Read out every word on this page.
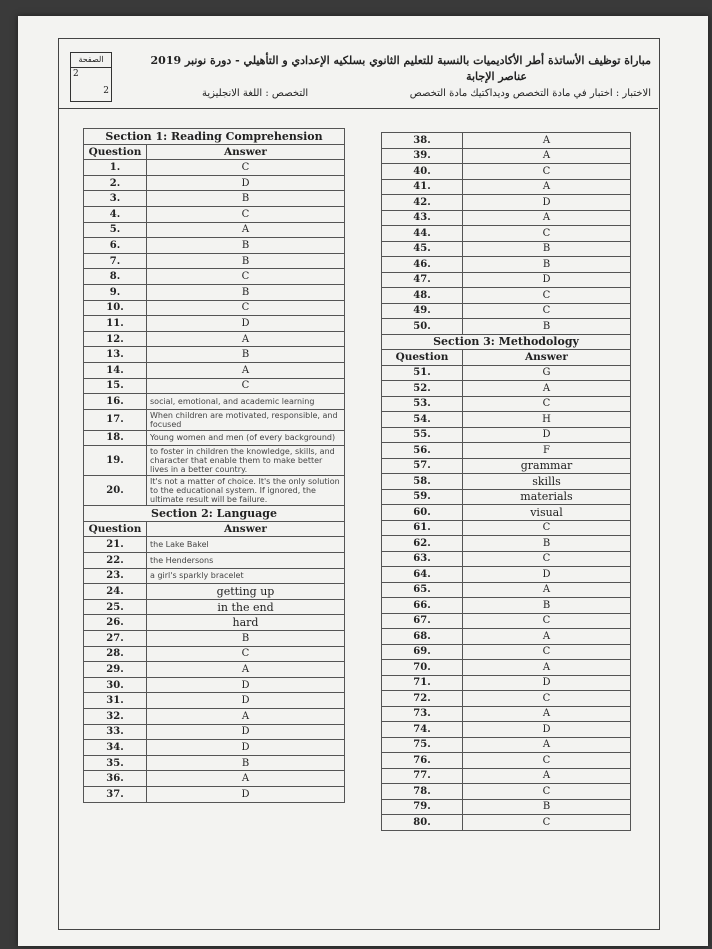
الصفحة
2
2
مباراة توظيف الأساتذة أطر الأكاديميات بالنسبة للتعليم الثانوي بسلكيه الإعدادي و التأهيلي - دورة نونبر 2019
عناصر الإجابة
الاختبار : اختبار في مادة التخصص وديداكتيك مادة التخصص
التخصص : اللغة الانجليزية
Section 1: Reading Comprehension	
Question	Answer
1.	C
2.	D
3.	B
4.	C
5.	A
6.	B
7.	B
8.	C
9.	B
10.	C
11.	D
12.	A
13.	B
14.	A
15.	C
16.	social, emotional, and academic learning
17.	When children are motivated, responsible, and focused
18.	Young women and men (of every background)
19.	to foster in children the knowledge, skills, and character that enable them to make better lives in a better country.
20.	It's not a matter of choice. It's the only solution to the educational system. If ignored, the ultimate result will be failure.
Section 2: Language	
Question	Answer
21.	the Lake Bakel
22.	the Hendersons
23.	a girl's sparkly bracelet
24.	getting up
25.	in the end
26.	hard
27.	B
28.	C
29.	A
30.	D
31.	D
32.	A
33.	D
34.	D
35.	B
36.	A
37.	D
38.	A
39.	A
40.	C
41.	A
42.	D
43.	A
44.	C
45.	B
46.	B
47.	D
48.	C
49.	C
50.	B
Section 3: Methodology	
Question	Answer
51.	G
52.	A
53.	C
54.	H
55.	D
56.	F
57.	grammar
58.	skills
59.	materials
60.	visual
61.	C
62.	B
63.	C
64.	D
65.	A
66.	B
67.	C
68.	A
69.	C
70.	A
71.	D
72.	C
73.	A
74.	D
75.	A
76.	C
77.	A
78.	C
79.	B
80.	C
